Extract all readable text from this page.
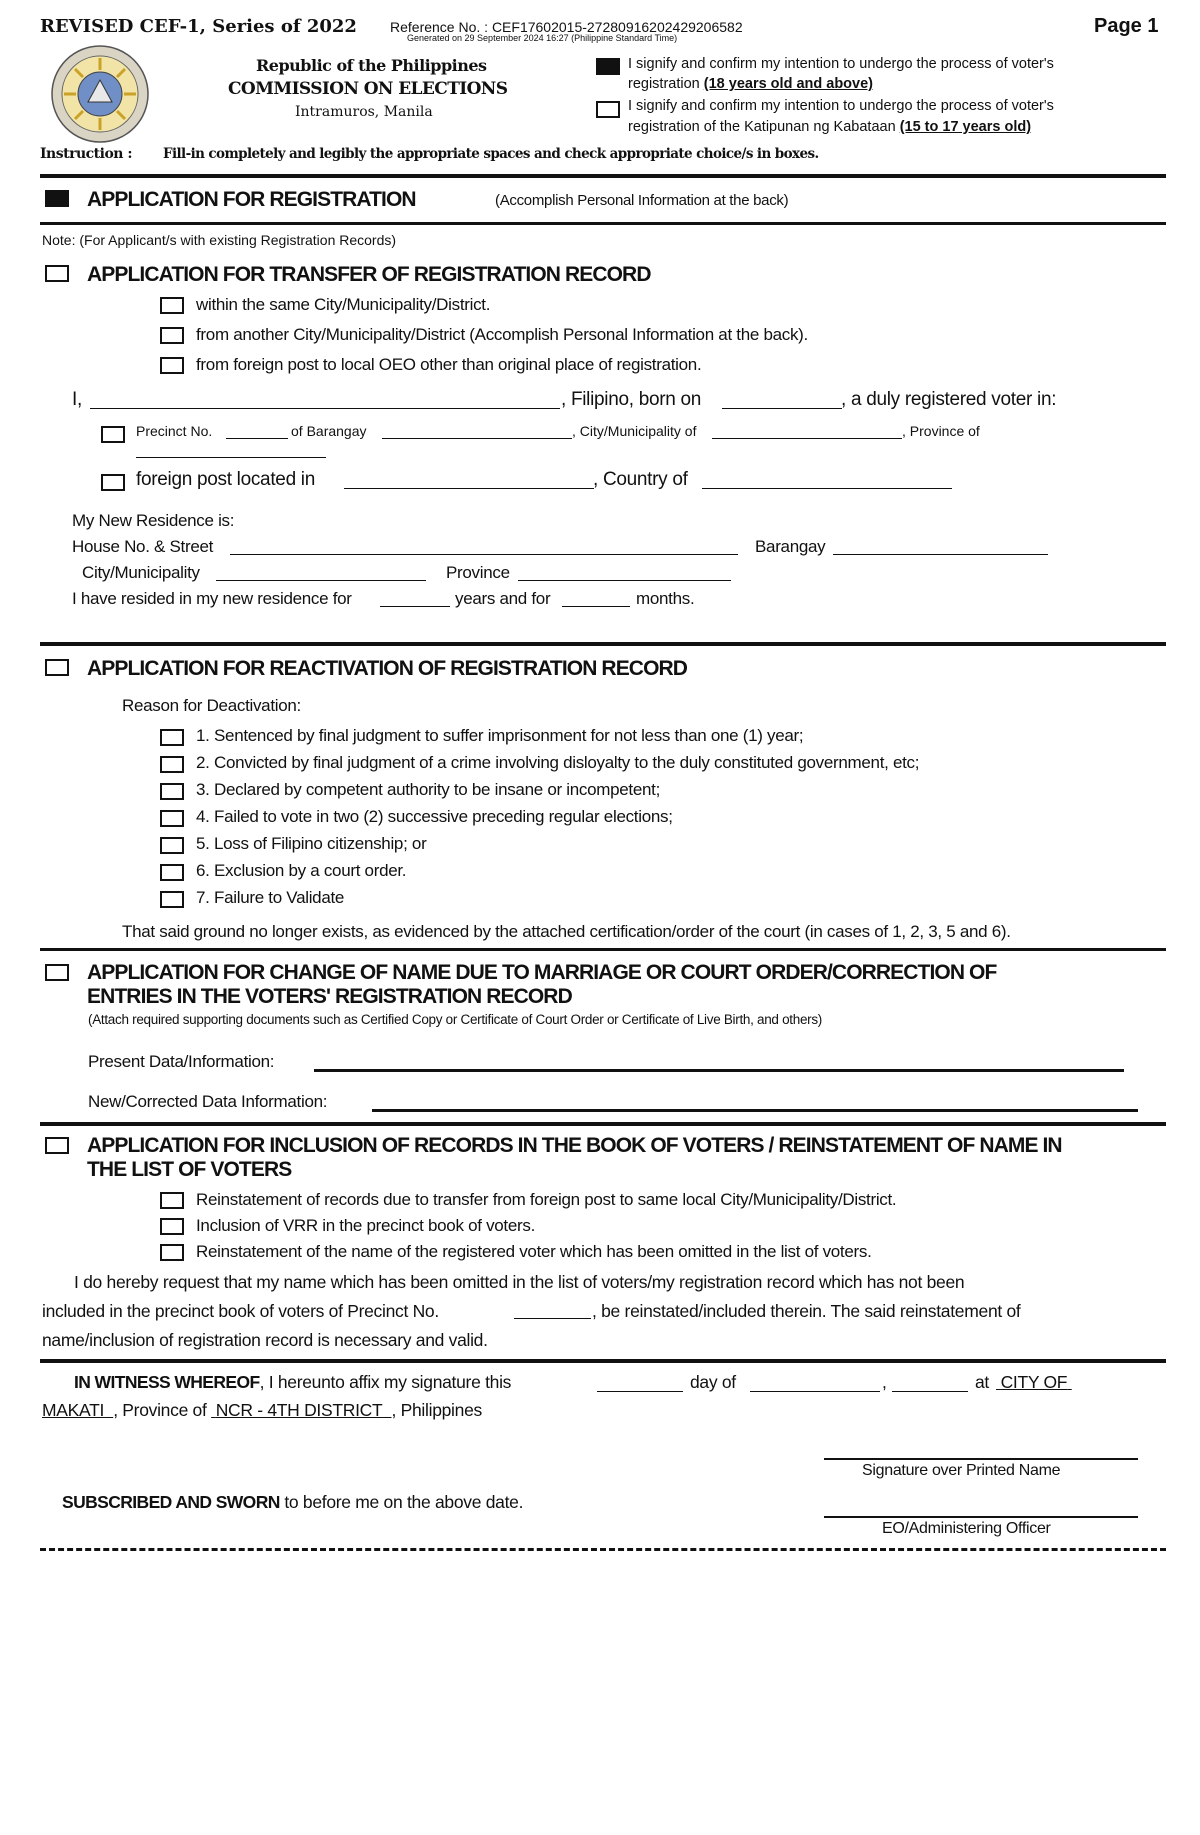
REVISED CEF-1, Series of 2022 Reference No. : CEF17602015-27280916202429206582
Generated on 29 September 2024 16:27 (Philippine Standard Time)
Page 1
Republic of the Philippines
COMMISSION ON ELECTIONS
Intramuros, Manila
I signify and confirm my intention to undergo the process of voter's
registration (18 years old and above)
I signify and confirm my intention to undergo the process of voter's
registration of the Katipunan ng Kabataan (15 to 17 years old)
Instruction : Fill-in completely and legibly the appropriate spaces and check appropriate choice/s in boxes.
APPLICATION FOR REGISTRATION	(Accomplish Personal Information at the back)
Note: (For Applicant/s with existing Registration Records)
APPLICATION FOR TRANSFER OF REGISTRATION RECORD
within the same City/Municipality/District.
from another City/Municipality/District (Accomplish Personal Information at the back).
from foreign post to local OEO other than original place of registration.
I,	, Filipino, born on	, a duly registered voter in:
Precinct No.	of Barangay	, City/Municipality of	, Province of
foreign post located in	, Country of
My New Residence is:
House No. & Street	Barangay
City/Municipality	Province
I have resided in my new residence for	years and for	months.
APPLICATION FOR REACTIVATION OF REGISTRATION RECORD
Reason for Deactivation:
1. Sentenced by final judgment to suffer imprisonment for not less than one (1) year;
2. Convicted by final judgment of a crime involving disloyalty to the duly constituted government, etc;
3. Declared by competent authority to be insane or incompetent;
4. Failed to vote in two (2) successive preceding regular elections;
5. Loss of Filipino citizenship; or
6. Exclusion by a court order.
7. Failure to Validate
That said ground no longer exists, as evidenced by the attached certification/order of the court (in cases of 1, 2, 3, 5 and 6).
APPLICATION FOR CHANGE OF NAME DUE TO MARRIAGE OR COURT ORDER/CORRECTION OF
ENTRIES IN THE VOTERS' REGISTRATION RECORD
(Attach required supporting documents such as Certified Copy or Certificate of Court Order or Certificate of Live Birth, and others)
Present Data/Information:
New/Corrected Data Information:
APPLICATION FOR INCLUSION OF RECORDS IN THE BOOK OF VOTERS / REINSTATEMENT OF NAME IN
THE LIST OF VOTERS
Reinstatement of records due to transfer from foreign post to same local City/Municipality/District.
Inclusion of VRR in the precinct book of voters.
Reinstatement of the name of the registered voter which has been omitted in the list of voters.
I do hereby request that my name which has been omitted in the list of voters/my registration record which has not been
included in the precinct book of voters of Precinct No.	, be reinstated/included therein. The said reinstatement of
name/inclusion of registration record is necessary and valid.
IN WITNESS WHEREOF, I hereunto affix my signature this	day of	,	at CITY OF
MAKATI , Province of NCR - 4TH DISTRICT , Philippines
Signature over Printed Name
SUBSCRIBED AND SWORN to before me on the above date.
EO/Administering Officer
